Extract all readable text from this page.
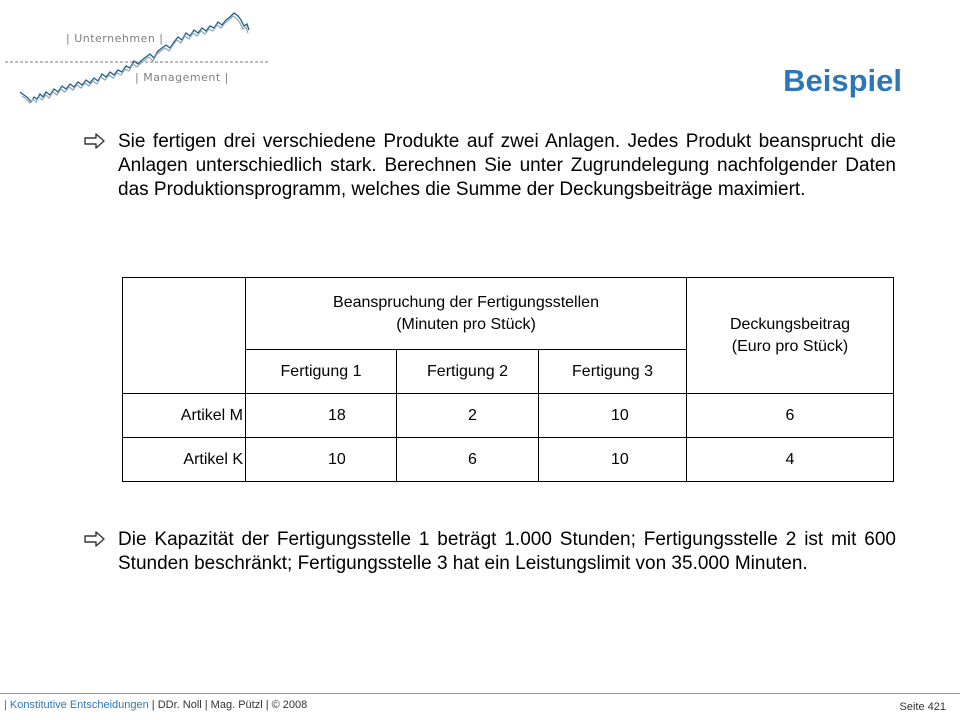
| Unternehmen |
| Management |	Beispiel
Sie fertigen drei verschiedene Produkte auf zwei Anlagen. Jedes Produkt beansprucht die Anlagen unterschiedlich stark. Berechnen Sie unter Zugrundelegung nachfolgender Daten das Produktionsprogramm, welches die Summe der Deckungsbeiträge maximiert.

	Beanspruchung der Fertigungsstellen
(Minuten pro Stück)			Deckungsbeitrag
(Euro pro Stück)

	Fertigung 1	Fertigung 2	Fertigung 3	
Artikel M	18	2	10	6
Artikel K	10	6	10	4
Die Kapazität der Fertigungsstelle 1 beträgt 1.000 Stunden; Fertigungsstelle 2 ist mit 600 Stunden beschränkt; Fertigungsstelle 3 hat ein Leistungslimit von 35.000 Minuten.
| Konstitutive Entscheidungen | DDr. Noll | Mag. Pützl | © 2008	Seite 421
